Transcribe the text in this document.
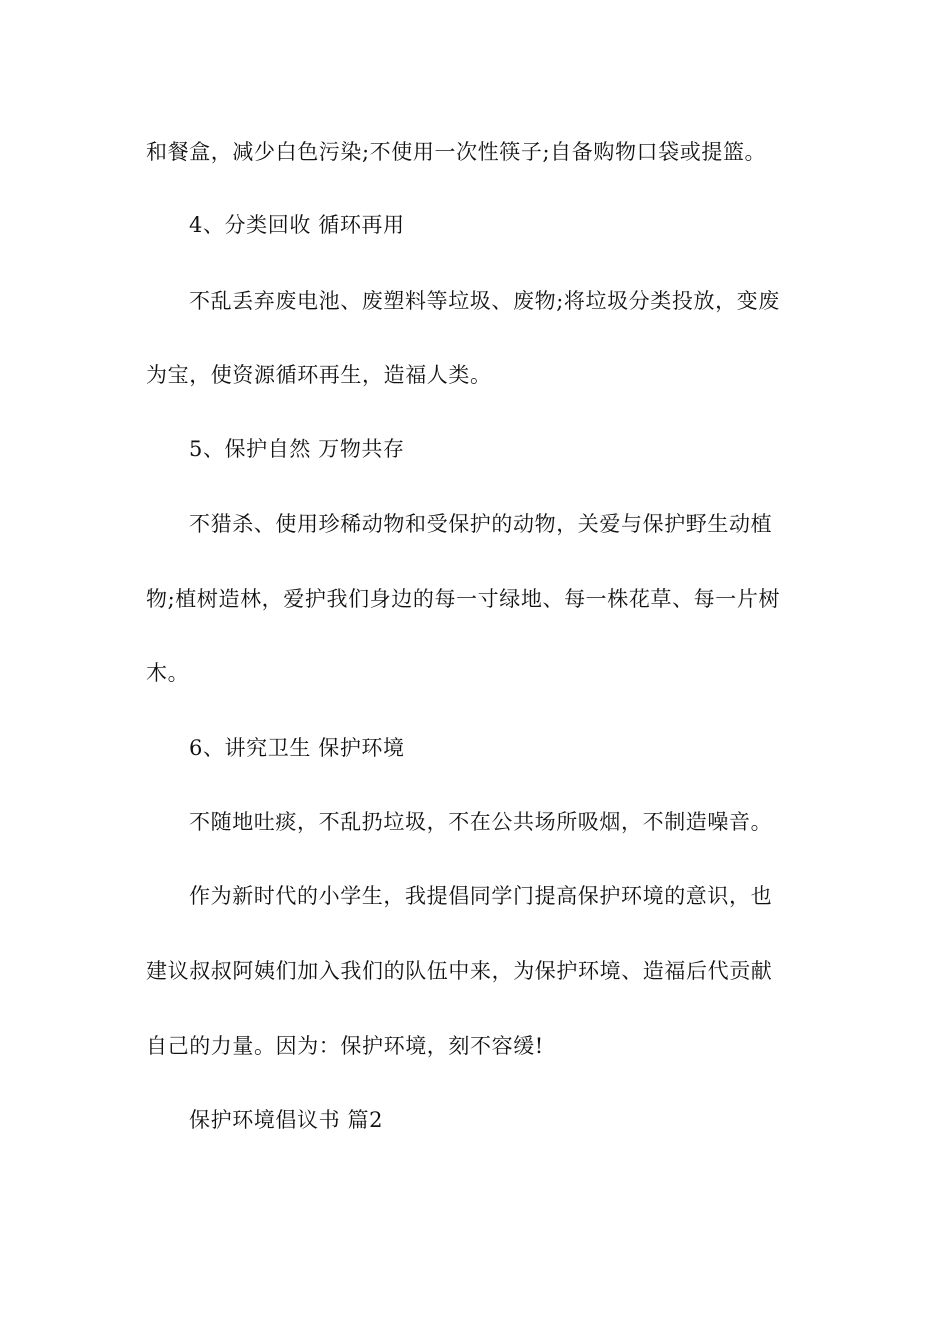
和餐盒，减少白色污染;不使用一次性筷子;自备购物口袋或提篮。

4、分类回收 循环再用

不乱丢弃废电池、废塑料等垃圾、废物;将垃圾分类投放，变废

为宝，使资源循环再生，造福人类。

5、保护自然 万物共存

不猎杀、使用珍稀动物和受保护的动物，关爱与保护野生动植

物;植树造林，爱护我们身边的每一寸绿地、每一株花草、每一片树

木。

6、讲究卫生 保护环境

不随地吐痰，不乱扔垃圾，不在公共场所吸烟，不制造噪音。

作为新时代的小学生，我提倡同学门提高保护环境的意识，也

建议叔叔阿姨们加入我们的队伍中来，为保护环境、造福后代贡献

自己的力量。因为：保护环境，刻不容缓!

保护环境倡议书 篇2
